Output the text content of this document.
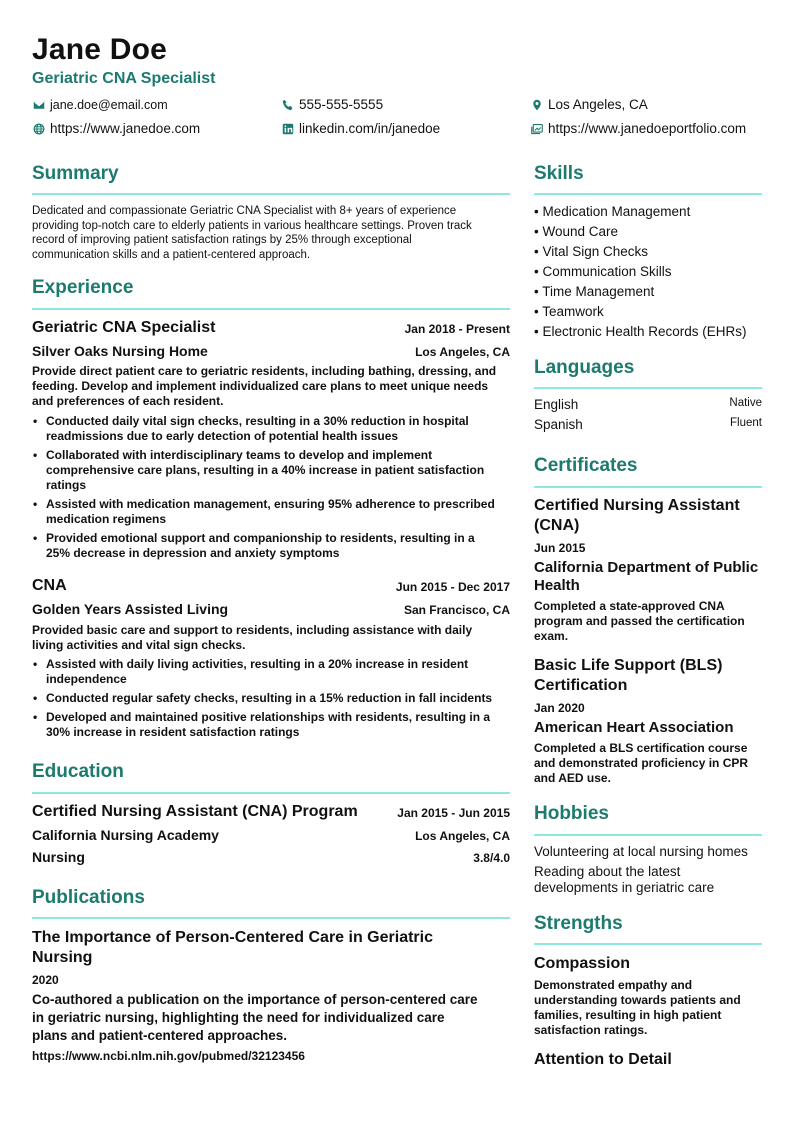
Jane Doe
Geriatric CNA Specialist
jane.doe@email.com	555-555-5555	Los Angeles, CA
https://www.janedoe.com	linkedin.com/in/janedoe	https://www.janedoeportfolio.com
Summary
Dedicated and compassionate Geriatric CNA Specialist with 8+ years of experience
providing top-notch care to elderly patients in various healthcare settings. Proven track
record of improving patient satisfaction ratings by 25% through exceptional
communication skills and a patient-centered approach.
Experience
Geriatric CNA Specialist	Jan 2018 - Present
Silver Oaks Nursing Home	Los Angeles, CA
Provide direct patient care to geriatric residents, including bathing, dressing, and
feeding. Develop and implement individualized care plans to meet unique needs
and preferences of each resident.
• Conducted daily vital sign checks, resulting in a 30% reduction in hospital readmissions due to early detection of potential health issues
• Collaborated with interdisciplinary teams to develop and implement comprehensive care plans, resulting in a 40% increase in patient satisfaction ratings
• Assisted with medication management, ensuring 95% adherence to prescribed medication regimens
• Provided emotional support and companionship to residents, resulting in a 25% decrease in depression and anxiety symptoms
CNA	Jun 2015 - Dec 2017
Golden Years Assisted Living	San Francisco, CA
Provided basic care and support to residents, including assistance with daily
living activities and vital sign checks.
• Assisted with daily living activities, resulting in a 20% increase in resident independence
• Conducted regular safety checks, resulting in a 15% reduction in fall incidents
• Developed and maintained positive relationships with residents, resulting in a 30% increase in resident satisfaction ratings
Education
Certified Nursing Assistant (CNA) Program	Jan 2015 - Jun 2015
California Nursing Academy	Los Angeles, CA
Nursing	3.8/4.0
Publications
The Importance of Person-Centered Care in Geriatric
Nursing
2020
Co-authored a publication on the importance of person-centered care
in geriatric nursing, highlighting the need for individualized care
plans and patient-centered approaches.
https://www.ncbi.nlm.nih.gov/pubmed/32123456
Skills
• Medication Management
• Wound Care
• Vital Sign Checks
• Communication Skills
• Time Management
• Teamwork
• Electronic Health Records (EHRs)
Languages
English	Native
Spanish	Fluent
Certificates
Certified Nursing Assistant
(CNA)
Jun 2015
California Department of Public
Health
Completed a state-approved CNA
program and passed the certification
exam.
Basic Life Support (BLS)
Certification
Jan 2020
American Heart Association
Completed a BLS certification course
and demonstrated proficiency in CPR
and AED use.
Hobbies
Volunteering at local nursing homes
Reading about the latest
developments in geriatric care
Strengths
Compassion
Demonstrated empathy and
understanding towards patients and
families, resulting in high patient
satisfaction ratings.
Attention to Detail
